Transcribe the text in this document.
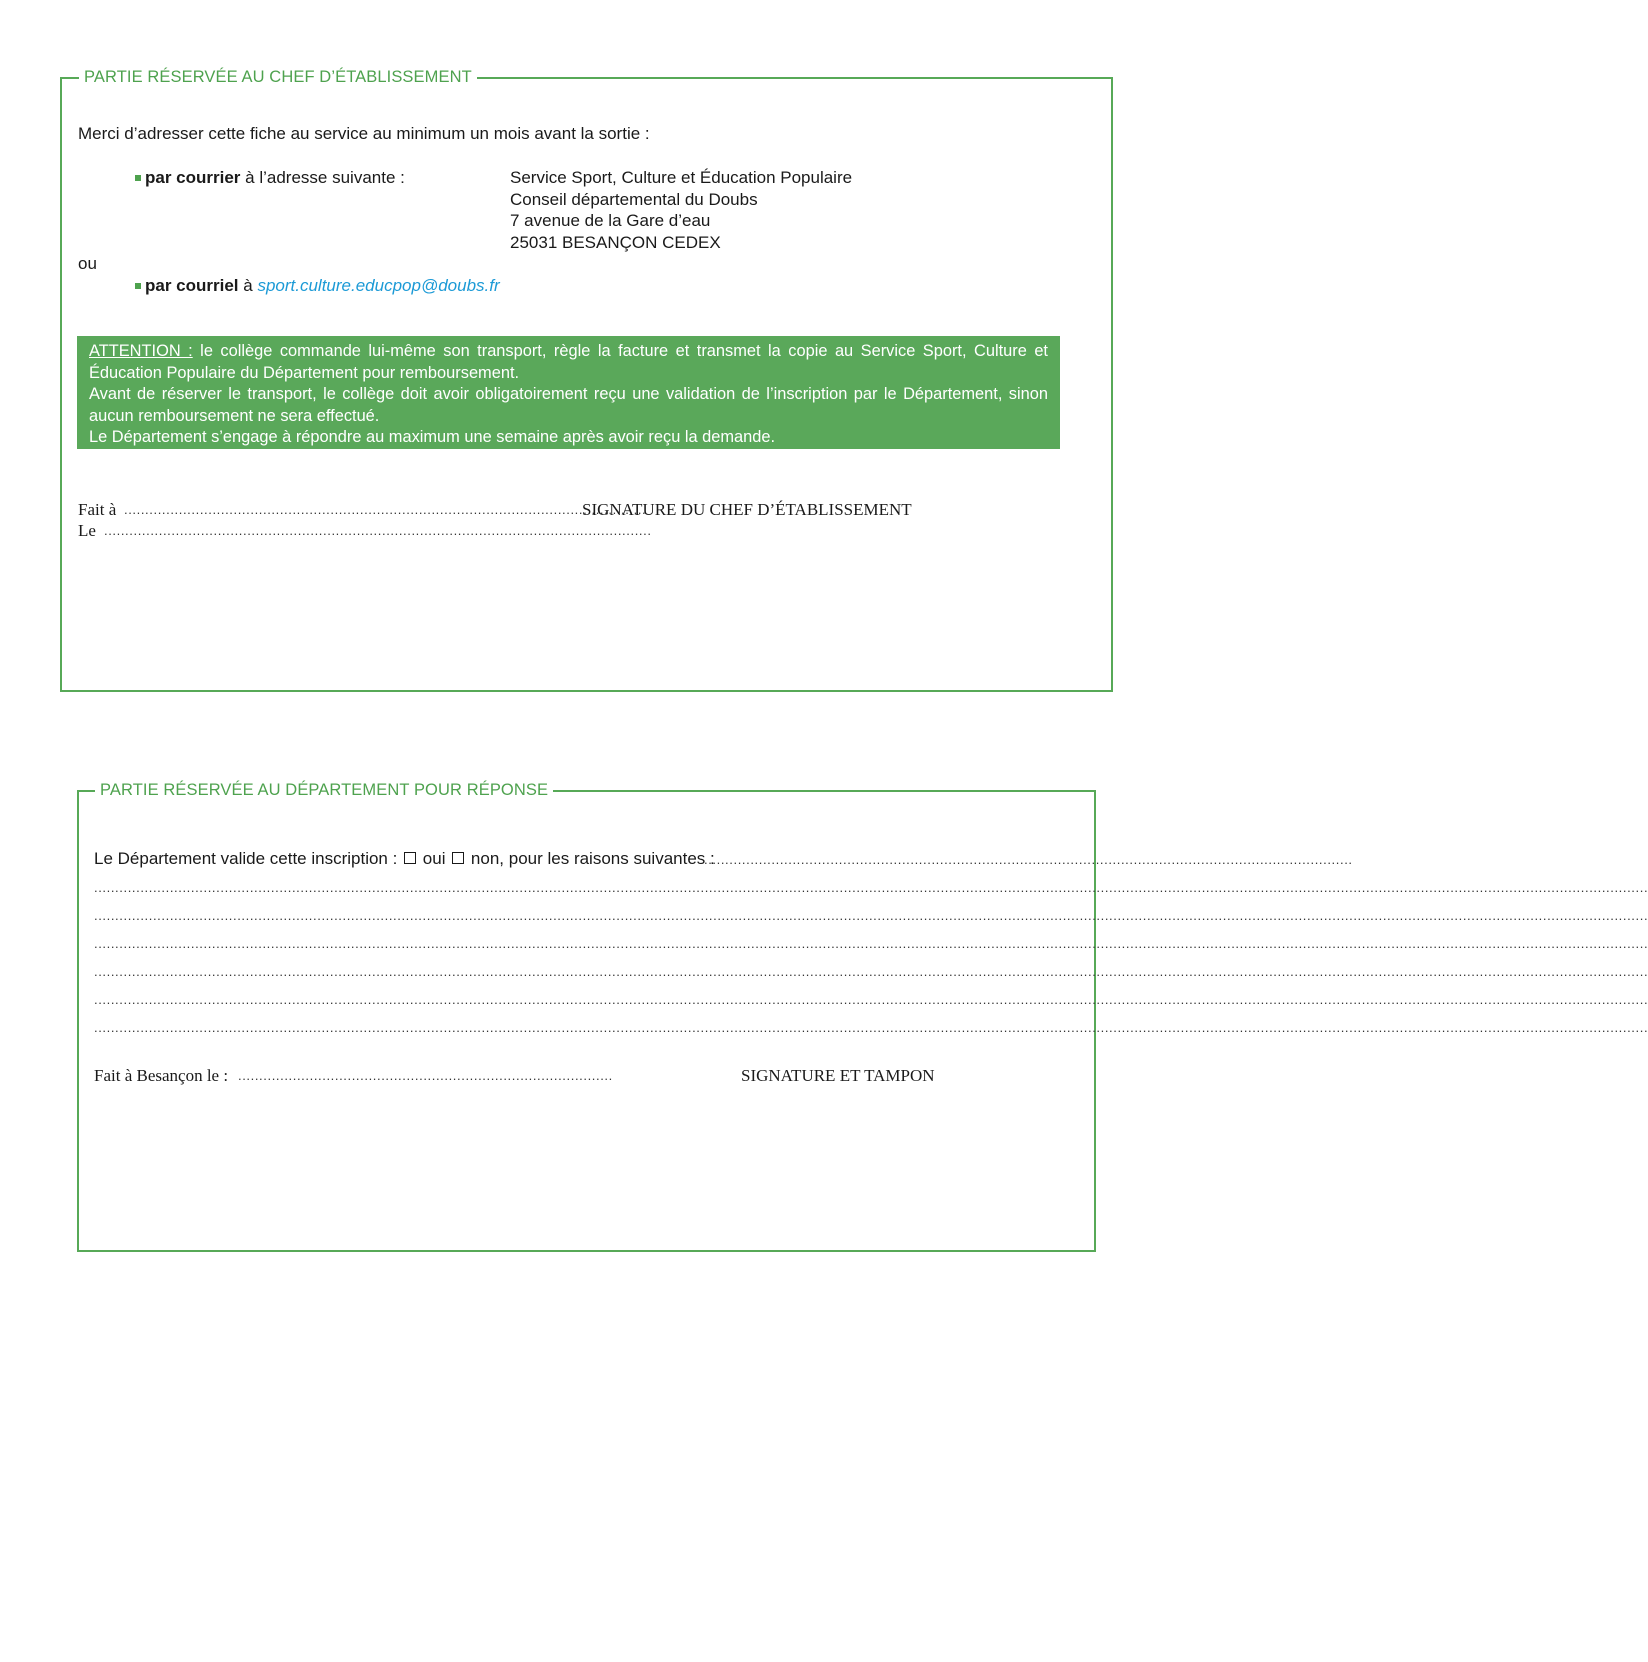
PARTIE RÉSERVÉE AU CHEF D’ÉTABLISSEMENT
Merci d’adresser cette fiche au service au minimum un mois avant la sortie :
par courrier à l’adresse suivante :	Service Sport, Culture et Éducation Populaire
Conseil départemental du Doubs
7 avenue de la Gare d’eau
25031 BESANÇON CEDEX
ou
par courriel à sport.culture.educpop@doubs.fr
ATTENTION : le collège commande lui-même son transport, règle la facture et transmet la copie au Service Sport, Culture et
Éducation Populaire du Département pour remboursement.
Avant de réserver le transport, le collège doit avoir obligatoirement reçu une validation de l’inscription par le Département, sinon
aucun remboursement ne sera effectué.
Le Département s’engage à répondre au maximum une semaine après avoir reçu la demande.
Fait à ............................................................................................................................
Le ..................................................................................................................................
SIGNATURE DU CHEF D’ÉTABLISSEMENT
PARTIE RÉSERVÉE AU DÉPARTEMENT POUR RÉPONSE
Le Département valide cette inscription :  oui  non, pour les raisons suivantes :
..........................................................................................................................................................
.................................................................................................................................................................................................................................................................................................................................................................................
.................................................................................................................................................................................................................................................................................................................................................................................
.................................................................................................................................................................................................................................................................................................................................................................................
.................................................................................................................................................................................................................................................................................................................................................................................
.................................................................................................................................................................................................................................................................................................................................................................................
.................................................................................................................................................................................................................................................................................................................................................................................
Fait à Besançon le : .........................................................................................	SIGNATURE ET TAMPON
